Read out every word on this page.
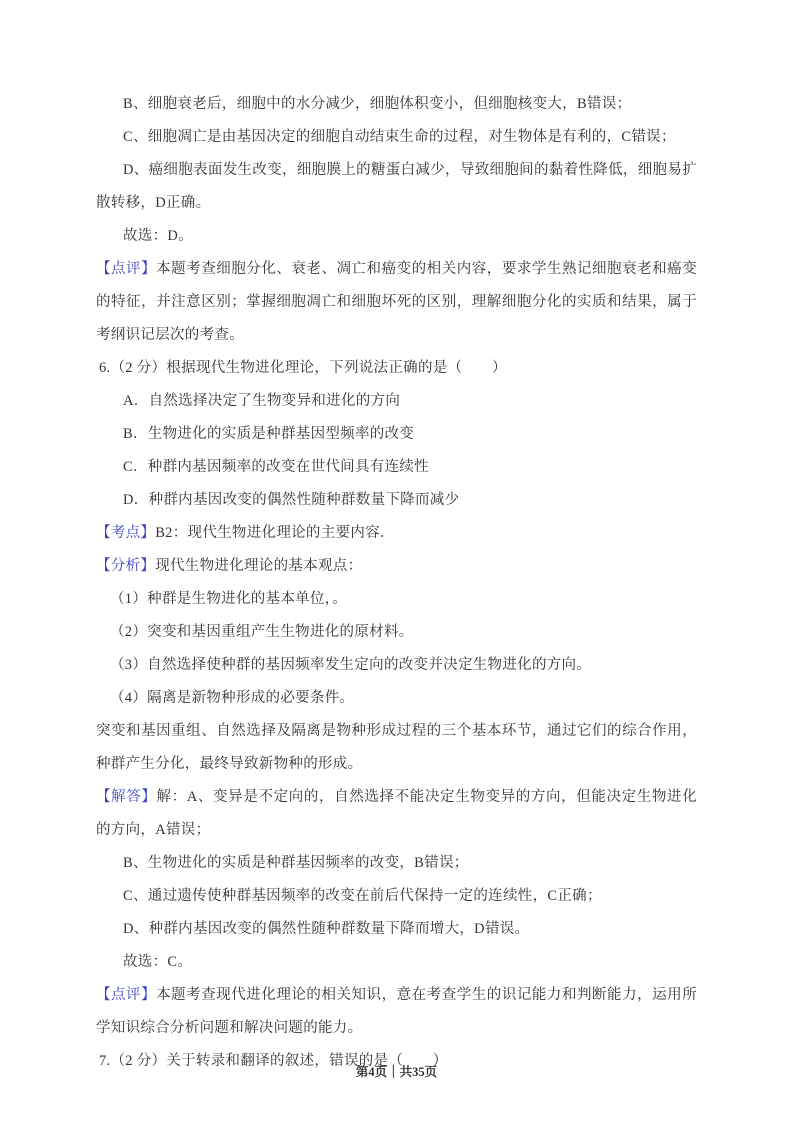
B、细胞衰老后，细胞中的水分减少，细胞体积变小，但细胞核变大，B错误；

C、细胞凋亡是由基因决定的细胞自动结束生命的过程，对生物体是有利的，C错误；

D、癌细胞表面发生改变，细胞膜上的糖蛋白减少，导致细胞间的黏着性降低，细胞易扩散转移，D正确。

故选：D。

【点评】本题考查细胞分化、衰老、凋亡和癌变的相关内容，要求学生熟记细胞衰老和癌变的特征，并注意区别；掌握细胞凋亡和细胞坏死的区别，理解细胞分化的实质和结果，属于考纲识记层次的考查。

6.（2 分）根据现代生物进化理论，下列说法正确的是（　　）

A．自然选择决定了生物变异和进化的方向

B．生物进化的实质是种群基因型频率的改变

C．种群内基因频率的改变在世代间具有连续性

D．种群内基因改变的偶然性随种群数量下降而减少

【考点】B2：现代生物进化理论的主要内容．

【分析】现代生物进化理论的基本观点：

（1）种群是生物进化的基本单位，。

（2）突变和基因重组产生生物进化的原材料。

（3）自然选择使种群的基因频率发生定向的改变并决定生物进化的方向。

（4）隔离是新物种形成的必要条件。

突变和基因重组、自然选择及隔离是物种形成过程的三个基本环节，通过它们的综合作用，种群产生分化，最终导致新物种的形成。

【解答】解：A、变异是不定向的，自然选择不能决定生物变异的方向，但能决定生物进化的方向，A错误；

B、生物进化的实质是种群基因频率的改变，B错误；

C、通过遗传使种群基因频率的改变在前后代保持一定的连续性，C正确；

D、种群内基因改变的偶然性随种群数量下降而增大，D错误。

故选：C。

【点评】本题考查现代进化理论的相关知识，意在考查学生的识记能力和判断能力，运用所学知识综合分析问题和解决问题的能力。

7.（2 分）关于转录和翻译的叙述，错误的是（　　）

第4页｜共35页
